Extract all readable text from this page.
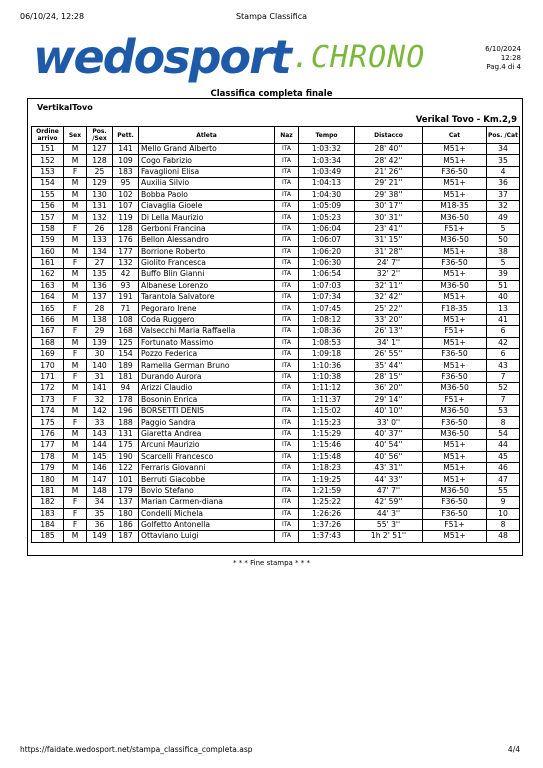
06/10/24, 12:28	Stampa Classifica
wedosport.CHRONO	6/10/2024
12:28
Pag.4 di 4
Classifica completa finale
VertikalTovo
Verikal Tovo - Km.2,9
Ordine arrivo	Sex	Pos. /Sex	Pett.	Atleta	Naz	Tempo	Distacco	Cat	Pos. /Cat
151	M	127	141	Mello Grand Alberto	ITA	1:03:32	28' 40''	M51+	34
152	M	128	109	Cogo Fabrizio	ITA	1:03:34	28' 42''	M51+	35
153	F	25	183	Favaglioni Elisa	ITA	1:03:49	21' 26''	F36-50	4
154	M	129	95	Auxilia Silvio	ITA	1:04:13	29' 21''	M51+	36
155	M	130	102	Bobba Paolo	ITA	1:04:30	29' 38''	M51+	37
156	M	131	107	Ciavaglia Gioele	ITA	1:05:09	30' 17''	M18-35	32
157	M	132	119	Di Lella Maurizio	ITA	1:05:23	30' 31''	M36-50	49
158	F	26	128	Gerboni Francina	ITA	1:06:04	23' 41''	F51+	5
159	M	133	176	Bellon Alessandro	ITA	1:06:07	31' 15''	M36-50	50
160	M	134	177	Borrione Roberto	ITA	1:06:20	31' 28''	M51+	38
161	F	27	132	Giolito Francesca	ITA	1:06:30	24' 7''	F36-50	5
162	M	135	42	Buffo Blin Gianni	ITA	1:06:54	32' 2''	M51+	39
163	M	136	93	Albanese Lorenzo	ITA	1:07:03	32' 11''	M36-50	51
164	M	137	191	Tarantola Salvatore	ITA	1:07:34	32' 42''	M51+	40
165	F	28	71	Pegoraro Irene	ITA	1:07:45	25' 22''	F18-35	13
166	M	138	108	Coda Ruggero	ITA	1:08:12	33' 20''	M51+	41
167	F	29	168	Valsecchi Maria Raffaella	ITA	1:08:36	26' 13''	F51+	6
168	M	139	125	Fortunato Massimo	ITA	1:08:53	34' 1''	M51+	42
169	F	30	154	Pozzo Federica	ITA	1:09:18	26' 55''	F36-50	6
170	M	140	189	Ramella German Bruno	ITA	1:10:36	35' 44''	M51+	43
171	F	31	181	Durando Aurora	ITA	1:10:38	28' 15''	F36-50	7
172	M	141	94	Arizzi Claudio	ITA	1:11:12	36' 20''	M36-50	52
173	F	32	178	Bosonin Enrica	ITA	1:11:37	29' 14''	F51+	7
174	M	142	196	BORSETTI DENIS	ITA	1:15:02	40' 10''	M36-50	53
175	F	33	188	Paggio Sandra	ITA	1:15:23	33' 0''	F36-50	8
176	M	143	131	Giaretta Andrea	ITA	1:15:29	40' 37''	M36-50	54
177	M	144	175	Arcuni Maurizio	ITA	1:15:46	40' 54''	M51+	44
178	M	145	190	Scarcelli Francesco	ITA	1:15:48	40' 56''	M51+	45
179	M	146	122	Ferraris Giovanni	ITA	1:18:23	43' 31''	M51+	46
180	M	147	101	Berruti Giacobbe	ITA	1:19:25	44' 33''	M51+	47
181	M	148	179	Bovio Stefano	ITA	1:21:59	47' 7''	M36-50	55
182	F	34	137	Marian Carmen-diana	ITA	1:25:22	42' 59''	F36-50	9
183	F	35	180	Condelli Michela	ITA	1:26:26	44' 3''	F36-50	10
184	F	36	186	Golfetto Antonella	ITA	1:37:26	55' 3''	F51+	8
185	M	149	187	Ottaviano Luigi	ITA	1:37:43	1h 2' 51''	M51+	48
* * * Fine stampa * * *
https://faidate.wedosport.net/stampa_classifica_completa.asp	4/4
